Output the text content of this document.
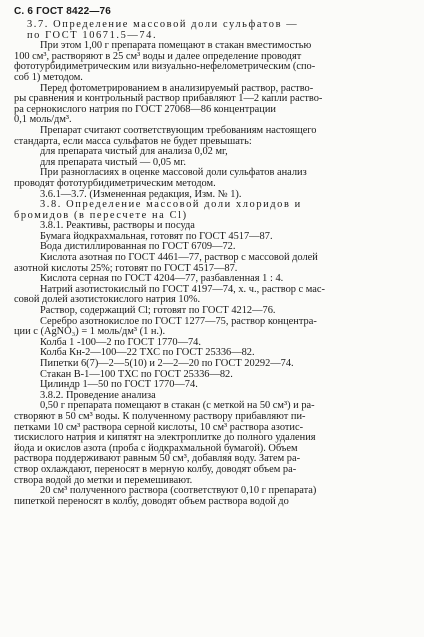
С. 6 ГОСТ 8422—76

3.7. Определение массовой доли сульфатов —

по ГОСТ 10671.5—74.

При этом 1,00 г препарата помещают в стакан вместимостью

100 см³, растворяют в 25 см³ воды и далее определение проводят

фототурбидиметрическим или визуально-нефелометрическим (спо-

соб 1) методом.

Перед фотометрированием в анализируемый раствор, раство-

ры сравнения и контрольный раствор прибавляют 1—2 капли раство-

ра сернокислого натрия по ГОСТ 27068—86 концентрации

0,1 моль/дм³.

Препарат считают соответствующим требованиям настоящего

стандарта, если масса сульфатов не будет превышать:

для препарата чистый для анализа 0,02 мг,

для препарата чистый — 0,05 мг.

При разногласиях в оценке массовой доли сульфатов анализ

проводят фототурбидиметрическим методом.

3.6.1—3.7. (Измененная редакция, Изм. № 1).

3.8. Определение массовой доли хлоридов и

бромидов (в пересчете на Cl)

3.8.1. Реактивы, растворы и посуда

Бумага йодкрахмальная, готовят по ГОСТ 4517—87.

Вода дистиллированная по ГОСТ 6709—72.

Кислота азотная по ГОСТ 4461—77, раствор с массовой долей

азотной кислоты 25%; готовят по ГОСТ 4517—87.

Кислота серная по ГОСТ 4204—77, разбавленная 1 : 4.

Натрий азотистокислый по ГОСТ 4197—74, х. ч., раствор с мас-

совой долей азотистокислого натрия 10%.

Раствор, содержащий Cl; готовят по ГОСТ 4212—76.

Серебро азотнокислое по ГОСТ 1277—75, раствор концентра-

ции c (AgNO₃) = 1 моль/дм³ (1 н.).

Колба 1 -100—2 по ГОСТ 1770—74.

Колба Кн-2—100—22 ТХС по ГОСТ 25336—82.

Пипетки 6(7)—2—5(10) и 2—2—20 по ГОСТ 20292—74.

Стакан В-1—100 ТХС по ГОСТ 25336—82.

Цилиндр 1—50 по ГОСТ 1770—74.

3.8.2. Проведение анализа

0,50 г препарата помещают в стакан (с меткой на 50 см³) и ра-

створяют в 50 см³ воды. К полученному раствору прибавляют пи-

петками 10 см³ раствора серной кислоты, 10 см³ раствора азотис-

тискислого натрия и кипятят на электроплитке до полного удаления

йода и окислов азота (проба с йодкрахмальной бумагой). Объем

раствора поддерживают равным 50 см³, добавляя воду. Затем ра-

створ охлаждают, переносят в мерную колбу, доводят объем ра-

створа водой до метки и перемешивают.

20 см³ полученного раствора (соответствуют 0,10 г препарата)

пипеткой переносят в колбу, доводят объем раствора водой до
